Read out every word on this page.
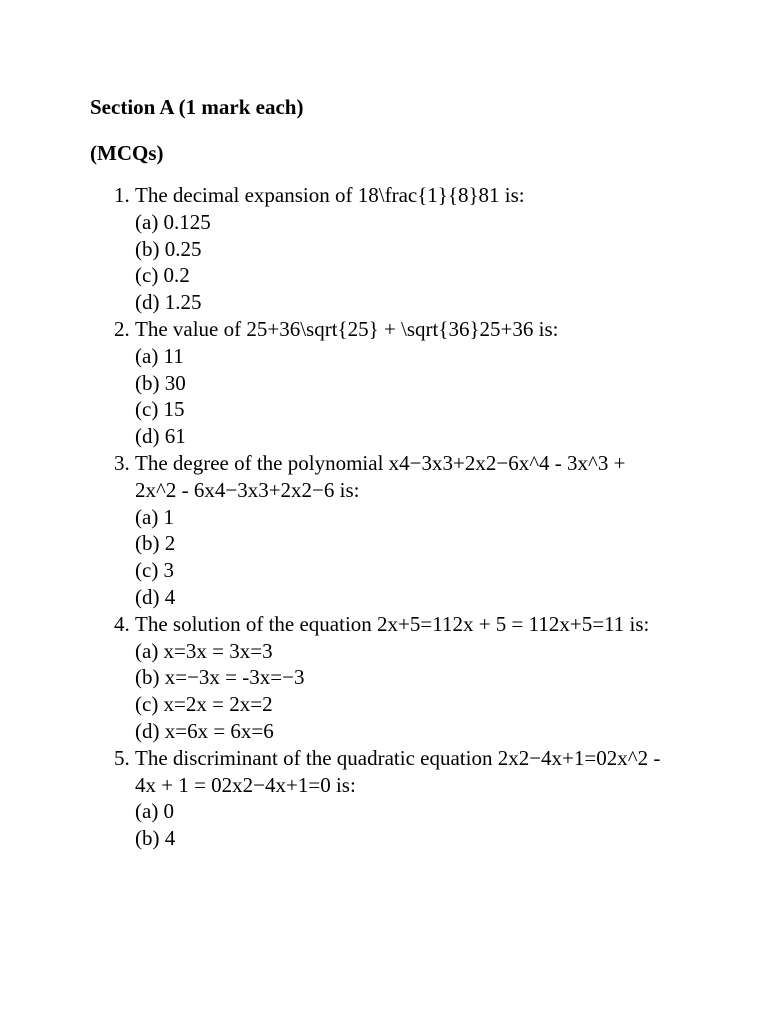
Section A (1 mark each)

(MCQs)

1. The decimal expansion of 18\frac{1}{8}81 is:
(a) 0.125
(b) 0.25
(c) 0.2
(d) 1.25
2. The value of 25+36\sqrt{25} + \sqrt{36}25+36 is:
(a) 11
(b) 30
(c) 15
(d) 61
3. The degree of the polynomial x4−3x3+2x2−6x^4 - 3x^3 + 2x^2 - 6x4−3x3+2x2−6 is:
(a) 1
(b) 2
(c) 3
(d) 4
4. The solution of the equation 2x+5=112x + 5 = 112x+5=11 is:
(a) x=3x = 3x=3
(b) x=−3x = -3x=−3
(c) x=2x = 2x=2
(d) x=6x = 6x=6
5. The discriminant of the quadratic equation 2x2−4x+1=02x^2 - 4x + 1 = 02x2−4x+1=0 is:
(a) 0
(b) 4
